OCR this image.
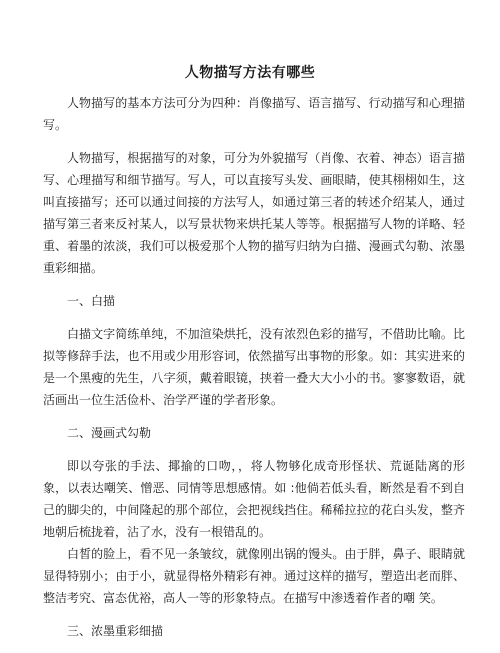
人物描写方法有哪些

人物描写的基本方法可分为四种：肖像描写、语言描写、行动描写和心理描写。

人物描写，根据描写的对象，可分为外貌描写（肖像、衣着、神态）语言描写、心理描写和细节描写。写人，可以直接写头发、画眼睛，使其栩栩如生，这叫直接描写；还可以通过间接的方法写人，如通过第三者的转述介绍某人，通过描写第三者来反衬某人，以写景状物来烘托某人等等。根据描写人物的详略、轻重、着墨的浓淡，我们可以极爱那个人物的描写归纳为白描、漫画式勾勒、浓墨重彩细描。

一、白描

白描文字简练单纯，不加渲染烘托，没有浓烈色彩的描写，不借助比喻。比拟等修辞手法，也不用或少用形容词，依然描写出事物的形象。如：其实进来的是一个黑瘦的先生，八字须，戴着眼镜，挟着一叠大大小小的书。寥寥数语，就活画出一位生活俭朴、治学严谨的学者形象。

二、漫画式勾勒

即以夸张的手法、揶揄的口吻，，将人物够化成奇形怪状、荒诞陆离的形象，以表达嘲笑、憎恶、同情等思想感情。如 :他倘若低头看，断然是看不到自己的脚尖的，中间隆起的那个部位，会把视线挡住。稀稀拉拉的花白头发，整齐地朝后梳拢着，沾了水，没有一根错乱的。

白皙的脸上，看不见一条皱纹，就像刚出锅的馒头。由于胖，鼻子、眼睛就显得特别小；由于小，就显得格外精彩有神。通过这样的描写，塑造出老而胖、整洁考究、富态优裕，高人一等的形象特点。在描写中渗透着作者的嘲 笑。

三、浓墨重彩细描
